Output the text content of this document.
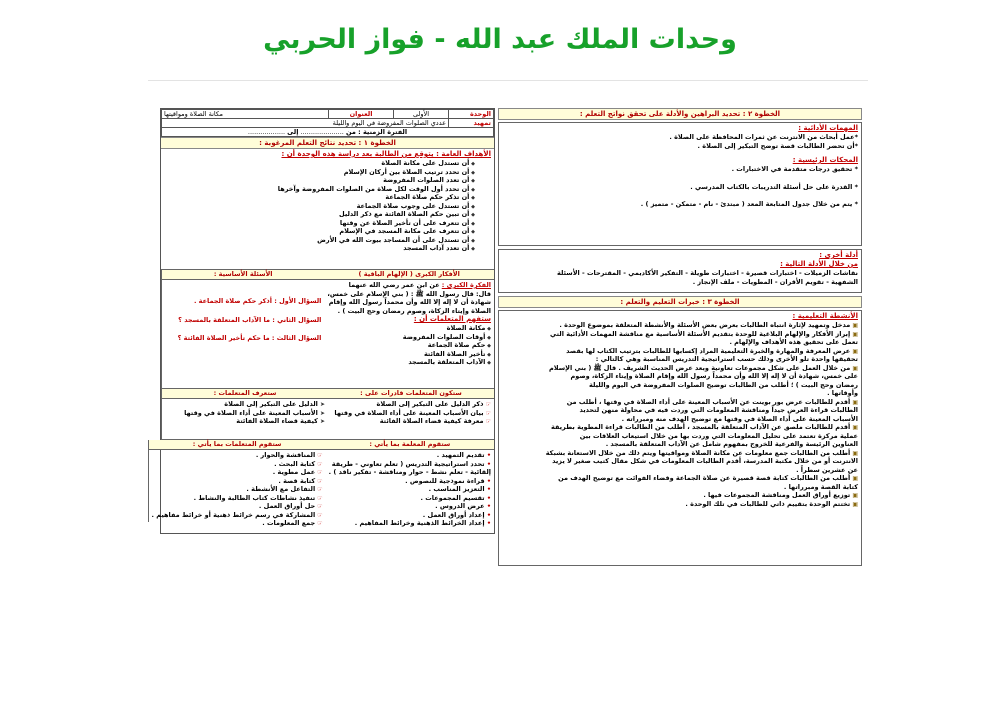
وحدات الملك عبد الله - فواز الحربي
الخطوة ٢ : تحديد البراهين والأدلة على تحقق نواتج التعلم :
المهمات الأدائية :
*عمل أبحاث من الانترنت عن ثمرات المحافظة على الصلاة .
*أن تحضر الطالبات قصة توضح التبكير إلى الصلاة .
المحكات الرئيسية :
* تحقيق درجات متقدمة في الاختبارات .
* القدرة على حل أسئلة التدريبات بالكتاب المدرسي .
* يتم من خلال جدول المتابعة المعد ( مبتدئ - نام - متمكن - متميز ) .
أدلة أخرى :
من خلال الأدلة التالية :
نقاشات الزميلات - اختبارات قصيرة - اختبارات طويلة - التفكير الأكاديمي - المقترحات - الأسئلة
الشفهية - تقويم الأقران - المطويات - ملف الإنجاز .
الخطوة ٣ : خبرات التعليم والتعلم :
الأنشطة التعليمية :
▣ مدخل وتمهيد لإثارة انتباه الطالبات بعرض بعض الأسئلة والأنشطة المتعلقة بموضوع الوحدة .
▣ إبراز الأفكار والإلهام البلاغية للوحدة بتقديم الأسئلة الأساسية مع مناقشة المهمات الأدائية التي
تعمل على تحقيق هذه الأهداف والإلهام .
▣ عرض المعرفة والمهارة والخبرة التعليمية المراد إكسابها للطالبات بترتيب الكتاب لها بقصد
تحقيقها واحدة تلو الأخرى وذلك حسب استراتيجية التدريس المناسبة وهي كالتالي :
▣ من خلال العمل على شكل مجموعات تعاونية وبعد عرض الحديث الشريف . قال ﷺ ( بني الإسلام
على خمس، شهادة أن لا إله إلا الله وأن محمداً رسول الله وإقام الصلاة وإيتاء الزكاة، وصوم
رمضان وحج البيت ) ؛ أطلب من الطالبات توضيح الصلوات المفروضة في اليوم والليلة
وأوقاتها .
▣ أقدم للطالبات عرض بور بوينت عن الأسباب المعينة على أداء الصلاة في وقتها ، أطلب من
الطالبات قراءة العرض جيداً ومناقشة المعلومات التي وردت فيه في محاولة منهن لتحديد
الأسباب المعينة على أداء الصلاة في وقتها مع توضيح الهدف منه ومبرراته .
▣ أقدم للطالبات ملصق عن الآداب المتعلقة بالمسجد ، أطلب من الطالبات قراءة المطوية بطريقة
عملية مركزة تعتمد على تحليل المعلومات التي وردت بها من خلال استيعاب العلاقات بين
العناوين الرئيسة والفرعية للخروج بمفهوم شامل عن الآداب المتعلقة بالمسجد .
▣ أطلب من الطالبات جمع معلومات عن مكانة الصلاة ومواقيتها ويتم ذلك من خلال الاستعانة بشبكة
الانترنت أو من خلال مكتبة المدرسة، أقدم الطالبات المعلومات في شكل مقال كتيب صغير لا يزيد
عن عشرين سطراً .
▣ أطلب من الطالبات كتابة قصة قصيرة عن صلاة الجماعة وقضاء الفوائت مع توضيح الهدف من
كتابة القصة ومبرراتها .
▣ توزيع أوراق العمل ومناقشة المجموعات فيها .
▣ تختتم الوحدة بتقييم ذاتي للطالبات في تلك الوحدة .
الوحدة	الأولى	العنوان	مكانة الصلاة ومواقيتها
تمهيد	عددي الصلوات المفروضة في اليوم والليلة		
الفترة الزمنية : من ..................... إلى ..................			
الخطوة ١ : تحديد نتائج التعلم المرغوبة :
الأهداف العامة : يتوقع من الطالبة بعد دراسة هذه الوحدة أن :
◆ أن تستدل على مكانة الصلاة
◆ أن تحدد ترتيب الصلاة بين أركان الإسلام
◆ أن تعدد الصلوات المفروضة
◆ أن تحدد أول الوقت لكل صلاة من الصلوات المفروضة وآخرها
◆ أن تذكر حكم صلاة الجماعة
◆ أن تستدل على وجوب صلاة الجماعة
◆ أن تبين حكم الصلاة الفائتة مع ذكر الدليل
◆ أن تتعرف على أن تأخير الصلاة عن وقتها
◆ أن تتعرف على مكانة المسجد في الإسلام
◆ أن تستدل على أن المساجد بيوت الله في الأرض
◆ أن تعدد آداب المسجد
الأفكار الكبرى ( الإلهام الباقية )
الفكرة الكبرى : عن ابن عمر رضي الله عنهما
قال: قال رسول الله ﷺ : ( بني الإسلام على خمس،
شهادة أن لا إله إلا الله وأن محمداً رسول الله وإقام
الصلاة وإيتاء الزكاة، وصوم رمضان وحج البيت ) .
ستفهم المتعلمات أن :
◆ مكانة الصلاة
◆ أوقات الصلوات المفروضة
◆ حكم صلاة الجماعة
◆ تأخير الصلاة الفائتة
◆ الآداب المتعلقة بالمسجد
الأسئلة الأساسية :
السؤال الأول : أذكر حكم صلاة الجماعة .
السؤال الثاني : ما الآداب المتعلقة بالمسجد ؟
السؤال الثالث : ما حكم تأخير الصلاة الفائتة ؟
ستكون المتعلمات قادرات على :
☞ ذكر الدليل على التبكير إلى الصلاة
☞ بيان الأسباب المعينة على أداء الصلاة في وقتها
☞ معرفة كيفية قضاء الصلاة الفائتة
ستعرف المتعلمات :
➤ الدليل على التبكير إلى الصلاة
➤ الأسباب المعينة على أداء الصلاة في وقتها
➤ كيفية قضاء الصلاة الفائتة
ستقوم المعلمة بما يأتي :
• تقديم التمهيد .
• تحدد استراتيجية التدريس ( تعلم تعاوني - طريقة
إلقائية - تعلم نشط - حوار ومناقشة - تفكير ناقد ) .
• قراءة نموذجية للنصوص .
• التعزيز المناسب .
• تقسيم المجموعات .
• عرض الدروس .
• إعداد أوراق العمل .
• إعداد الخرائط الذهنية وخرائط المفاهيم .
ستقوم المتعلمات بما يأتي :
☞ المناقشة والحوار .
☞ كتابة البحث .
☞ عمل مطوية .
☞ كتابة قصة .
☞ التفاعل مع الأنشطة .
☞ تنفيذ نشاطات كتاب الطالبة والنشاط .
☞ حل أوراق العمل .
☞ المشاركة في رسم خرائط ذهنية أو خرائط مفاهيم .
☞ جمع المعلومات .
